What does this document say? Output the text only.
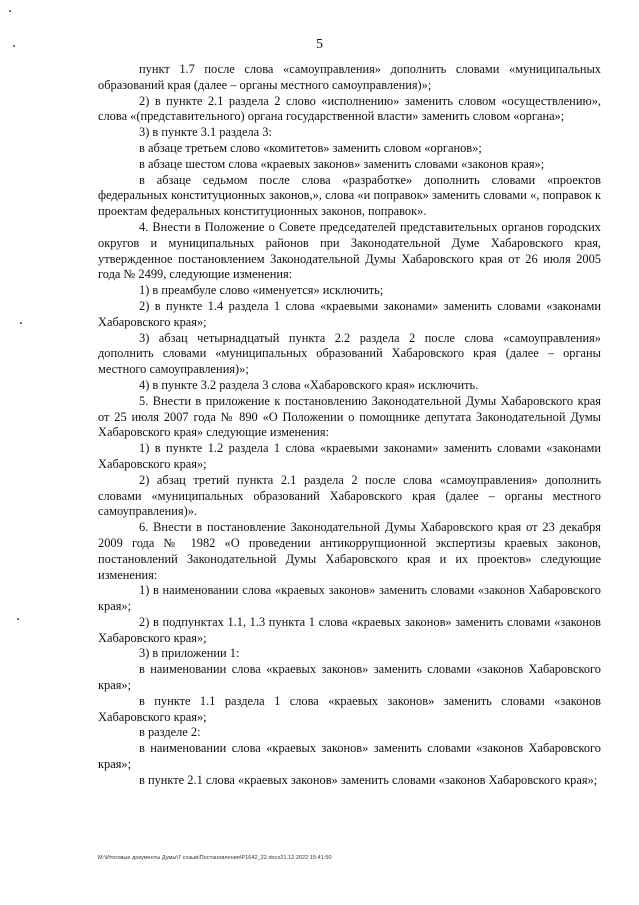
5

пункт 1.7 после слова «самоуправления» дополнить словами «муниципальных образований края (далее – органы местного самоуправления)»;

2) в пункте 2.1 раздела 2 слово «исполнению» заменить словом «осуществлению», слова «(представительного) органа государственной власти» заменить словом «органа»;

3) в пункте 3.1 раздела 3:

в абзаце третьем слово «комитетов» заменить словом «органов»;

в абзаце шестом слова «краевых законов» заменить словами «законов края»;

в абзаце седьмом после слова «разработке» дополнить словами «проектов федеральных конституционных законов,», слова «и поправок» заменить словами «, поправок к проектам федеральных конституционных законов, поправок».

4. Внести в Положение о Совете председателей представительных органов городских округов и муниципальных районов при Законодательной Думе Хабаровского края, утвержденное постановлением Законодательной Думы Хабаровского края от 26 июля 2005 года № 2499, следующие изменения:

1) в преамбуле слово «именуется» исключить;

2) в пункте 1.4 раздела 1 слова «краевыми законами» заменить словами «законами Хабаровского края»;

3) абзац четырнадцатый пункта 2.2 раздела 2 после слова «самоуправления» дополнить словами «муниципальных образований Хабаровского края (далее – органы местного самоуправления)»;

4) в пункте 3.2 раздела 3 слова «Хабаровского края» исключить.

5. Внести в приложение к постановлению Законодательной Думы Хабаровского края от 25 июля 2007 года № 890 «О Положении о помощнике депутата Законодательной Думы Хабаровского края» следующие изменения:

1) в пункте 1.2 раздела 1 слова «краевыми законами» заменить словами «законами Хабаровского края»;

2) абзац третий пункта 2.1 раздела 2 после слова «самоуправления» дополнить словами «муниципальных образований Хабаровского края (далее – органы местного самоуправления)».

6. Внести в постановление Законодательной Думы Хабаровского края от 23 декабря 2009 года № 1982 «О проведении антикоррупционной экспертизы краевых законов, постановлений Законодательной Думы Хабаровского края и их проектов» следующие изменения:

1) в наименовании слова «краевых законов» заменить словами «законов Хабаровского края»;

2) в подпунктах 1.1, 1.3 пункта 1 слова «краевых законов» заменить словами «законов Хабаровского края»;

3) в приложении 1:

в наименовании слова «краевых законов» заменить словами «законов Хабаровского края»;

в пункте 1.1 раздела 1 слова «краевых законов» заменить словами «законов Хабаровского края»;

в разделе 2:

в наименовании слова «краевых законов» заменить словами «законов Хабаровского края»;

в пункте 2.1 слова «краевых законов» заменить словами «законов Хабаровского края»;

M:\Итоговые документы Думы\7 созыв\Постановления\P1642_22.docx21.12.2022 15:41:50
